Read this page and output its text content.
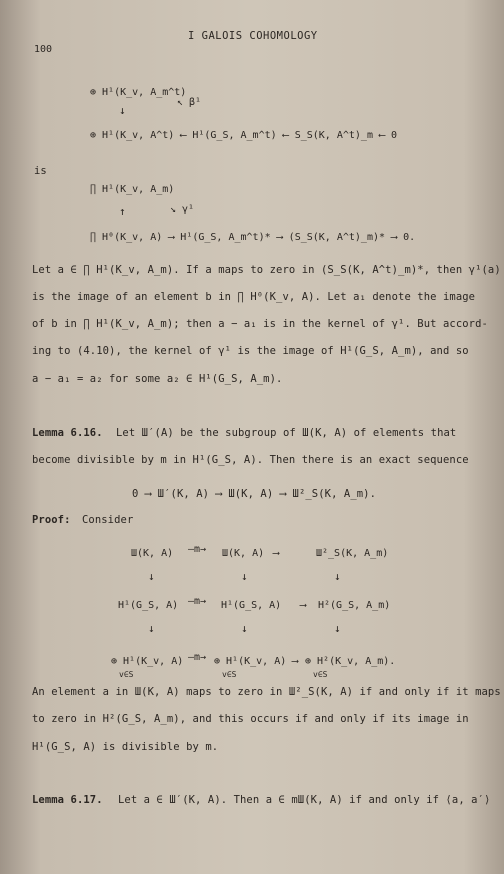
100
I GALOIS COHOMOLOGY
⊕ H¹(K_v, A_m^t)
↓
↖ β¹
⊕ H¹(K_v, A^t) ⟵ H¹(G_S, A_m^t) ⟵ S_S(K, A^t)_m ⟵ 0
is
∏ H¹(K_v, A_m)
↑	↘ γ¹
∏ H⁰(K_v, A) ⟶ H¹(G_S, A_m^t)* ⟶ (S_S(K, A^t)_m)* ⟶ 0.
Let a ∈ ∏ H¹(K_v, A_m). If a maps to zero in (S_S(K, A^t)_m)*, then γ¹(a)
is the image of an element b in ∏ H⁰(K_v, A). Let a₁ denote the image
of b in ∏ H¹(K_v, A_m); then a − a₁ is in the kernel of γ¹. But accord-
ing to (4.10), the kernel of γ¹ is the image of H¹(G_S, A_m), and so
a − a₁ = a₂ for some a₂ ∈ H¹(G_S, A_m).
Lemma 6.16. Let Ш′(A) be the subgroup of Ш(K, A) of elements that
become divisible by m in H¹(G_S, A). Then there is an exact sequence
0 ⟶ Ш′(K, A) ⟶ Ш(K, A) ⟶ Ш²_S(K, A_m).
Proof: Consider
Ш(K, A) —m→ Ш(K, A) ⟶	Ш²_S(K, A_m)
↓	↓	↓
H¹(G_S, A) —m→ H¹(G_S, A) ⟶ H²(G_S, A_m)
↓	↓	↓
⊕ H¹(K_v, A)
v∈S
—m→ ⊕ H¹(K_v, A)
v∈S
⟶ ⊕ H²(K_v, A_m).
v∈S
An element a in Ш(K, A) maps to zero in Ш²_S(K, A) if and only if it maps
to zero in H²(G_S, A_m), and this occurs if and only if its image in
H¹(G_S, A) is divisible by m.
Lemma 6.17. Let a ∈ Ш′(K, A). Then a ∈ mШ(K, A) if and only if ⟨a, a′⟩
